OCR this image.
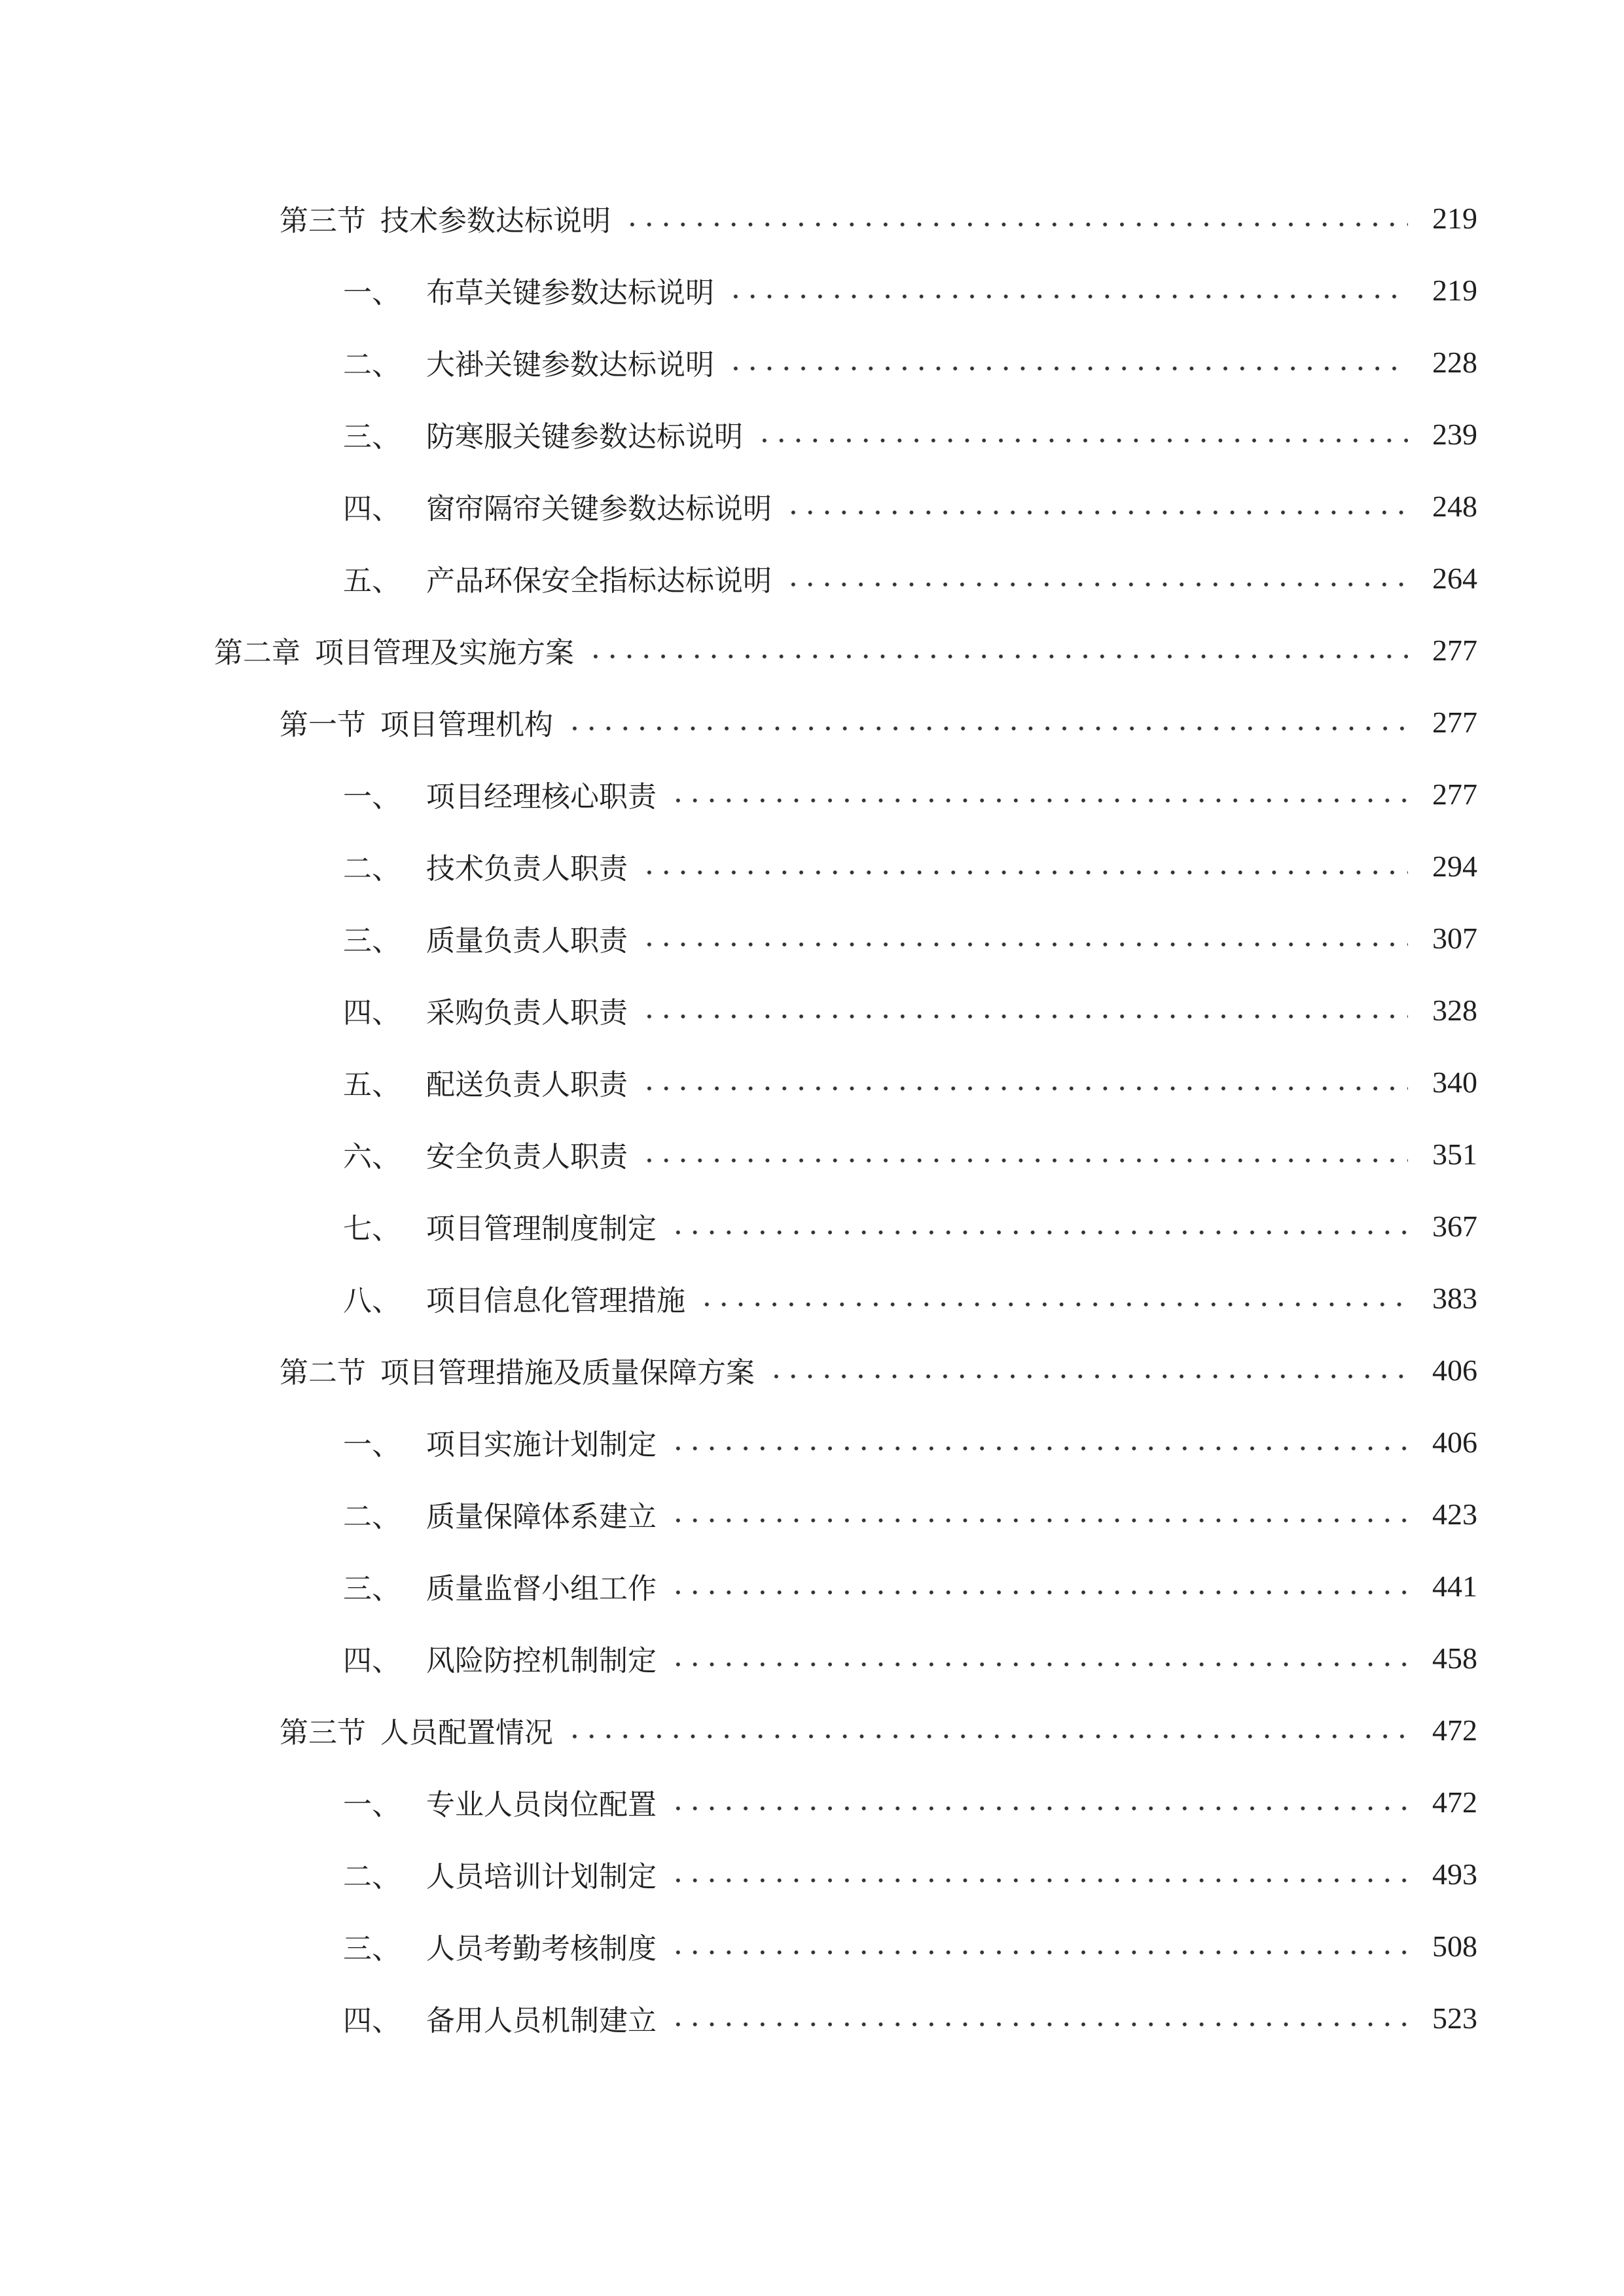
第三节 技术参数达标说明	219
一、 布草关键参数达标说明	219
二、 大褂关键参数达标说明	228
三、 防寒服关键参数达标说明	239
四、 窗帘隔帘关键参数达标说明	248
五、 产品环保安全指标达标说明	264
第二章 项目管理及实施方案	277
第一节 项目管理机构	277
一、 项目经理核心职责	277
二、 技术负责人职责	294
三、 质量负责人职责	307
四、 采购负责人职责	328
五、 配送负责人职责	340
六、 安全负责人职责	351
七、 项目管理制度制定	367
八、 项目信息化管理措施	383
第二节 项目管理措施及质量保障方案	406
一、 项目实施计划制定	406
二、 质量保障体系建立	423
三、 质量监督小组工作	441
四、 风险防控机制制定	458
第三节 人员配置情况	472
一、 专业人员岗位配置	472
二、 人员培训计划制定	493
三、 人员考勤考核制度	508
四、 备用人员机制建立	523
